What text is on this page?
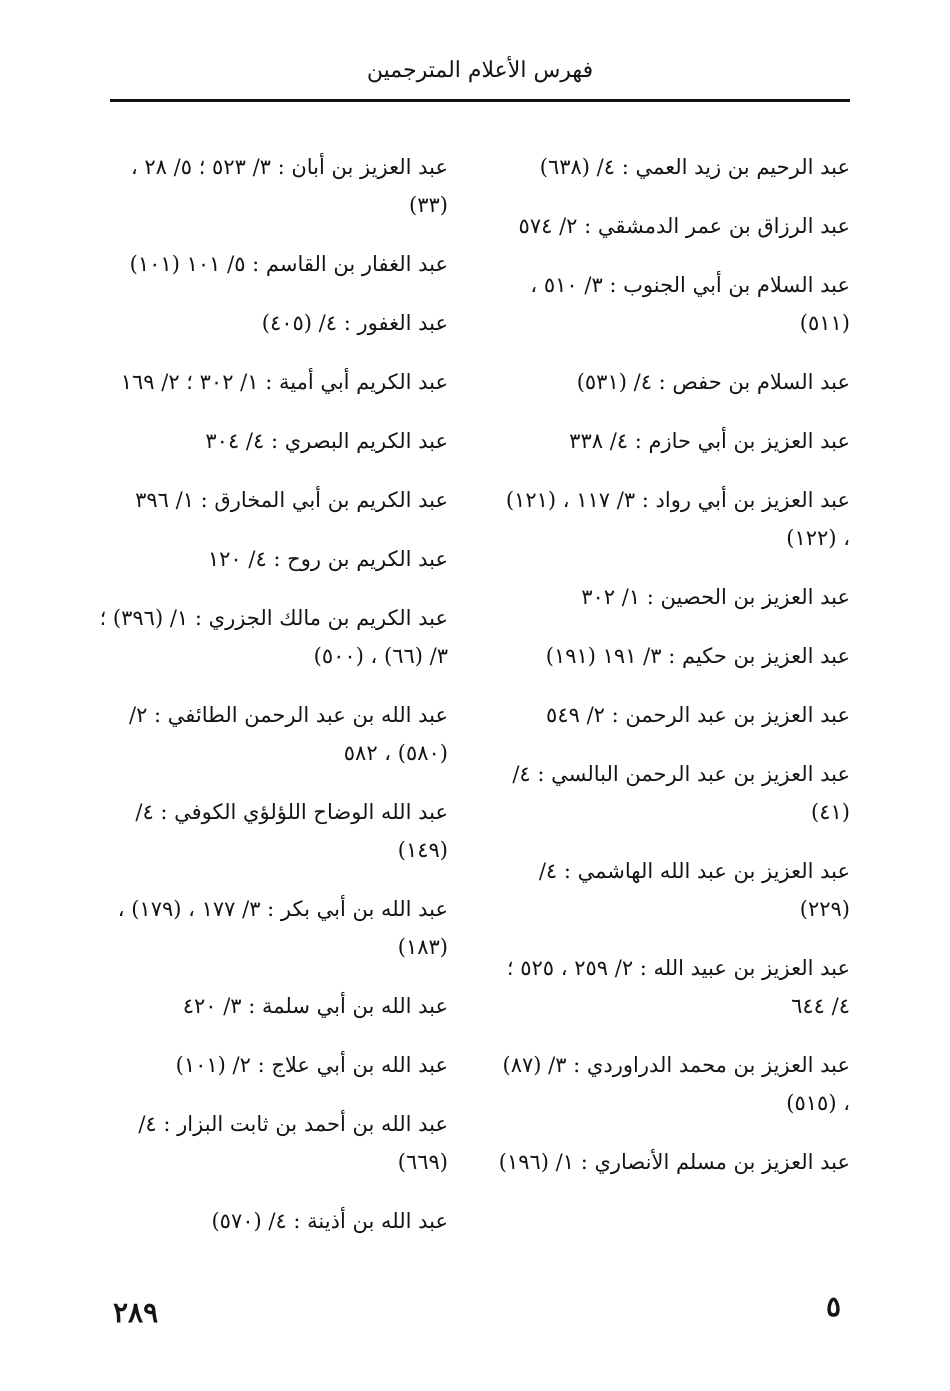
فهرس الأعلام المترجمين

عبد الرحيم بن زيد العمي : ٤/ (٦٣٨)

عبد الرزاق بن عمر الدمشقي : ٢/ ٥٧٤

عبد السلام بن أبي الجنوب : ٣/ ٥١٠ ، (٥١١)

عبد السلام بن حفص : ٤/ (٥٣١)

عبد العزيز بن أبي حازم : ٤/ ٣٣٨

عبد العزيز بن أبي رواد : ٣/ ١١٧ ، (١٢١) ، (١٢٢)

عبد العزيز بن الحصين : ١/ ٣٠٢

عبد العزيز بن حكيم : ٣/ ١٩١ (١٩١)

عبد العزيز بن عبد الرحمن : ٢/ ٥٤٩

عبد العزيز بن عبد الرحمن البالسي : ٤/ (٤١)

عبد العزيز بن عبد الله الهاشمي : ٤/ (٢٢٩)

عبد العزيز بن عبيد الله : ٢/ ٢٥٩ ، ٥٢٥ ؛ ٤/ ٦٤٤

عبد العزيز بن محمد الدراوردي : ٣/ (٨٧) ، (٥١٥)

عبد العزيز بن مسلم الأنصاري : ١/ (١٩٦)

عبد العزيز بن أبان : ٣/ ٥٢٣ ؛ ٥/ ٢٨ ، (٣٣)

عبد الغفار بن القاسم : ٥/ ١٠١ (١٠١)

عبد الغفور : ٤/ (٤٠٥)

عبد الكريم أبي أمية : ١/ ٣٠٢ ؛ ٢/ ١٦٩

عبد الكريم البصري : ٤/ ٣٠٤

عبد الكريم بن أبي المخارق : ١/ ٣٩٦

عبد الكريم بن روح : ٤/ ١٢٠

عبد الكريم بن مالك الجزري : ١/ (٣٩٦) ؛ ٣/ (٦٦) ، (٥٠٠)

عبد الله بن عبد الرحمن الطائفي : ٢/ (٥٨٠) ، ٥٨٢

عبد الله الوضاح اللؤلؤي الكوفي : ٤/ (١٤٩)

عبد الله بن أبي بكر : ٣/ ١٧٧ ، (١٧٩) ، (١٨٣)

عبد الله بن أبي سلمة : ٣/ ٤٢٠

عبد الله بن أبي علاج : ٢/ (١٠١)

عبد الله بن أحمد بن ثابت البزار : ٤/ (٦٦٩)

عبد الله بن أذينة : ٤/ (٥٧٠)

٢٨٩	٥
